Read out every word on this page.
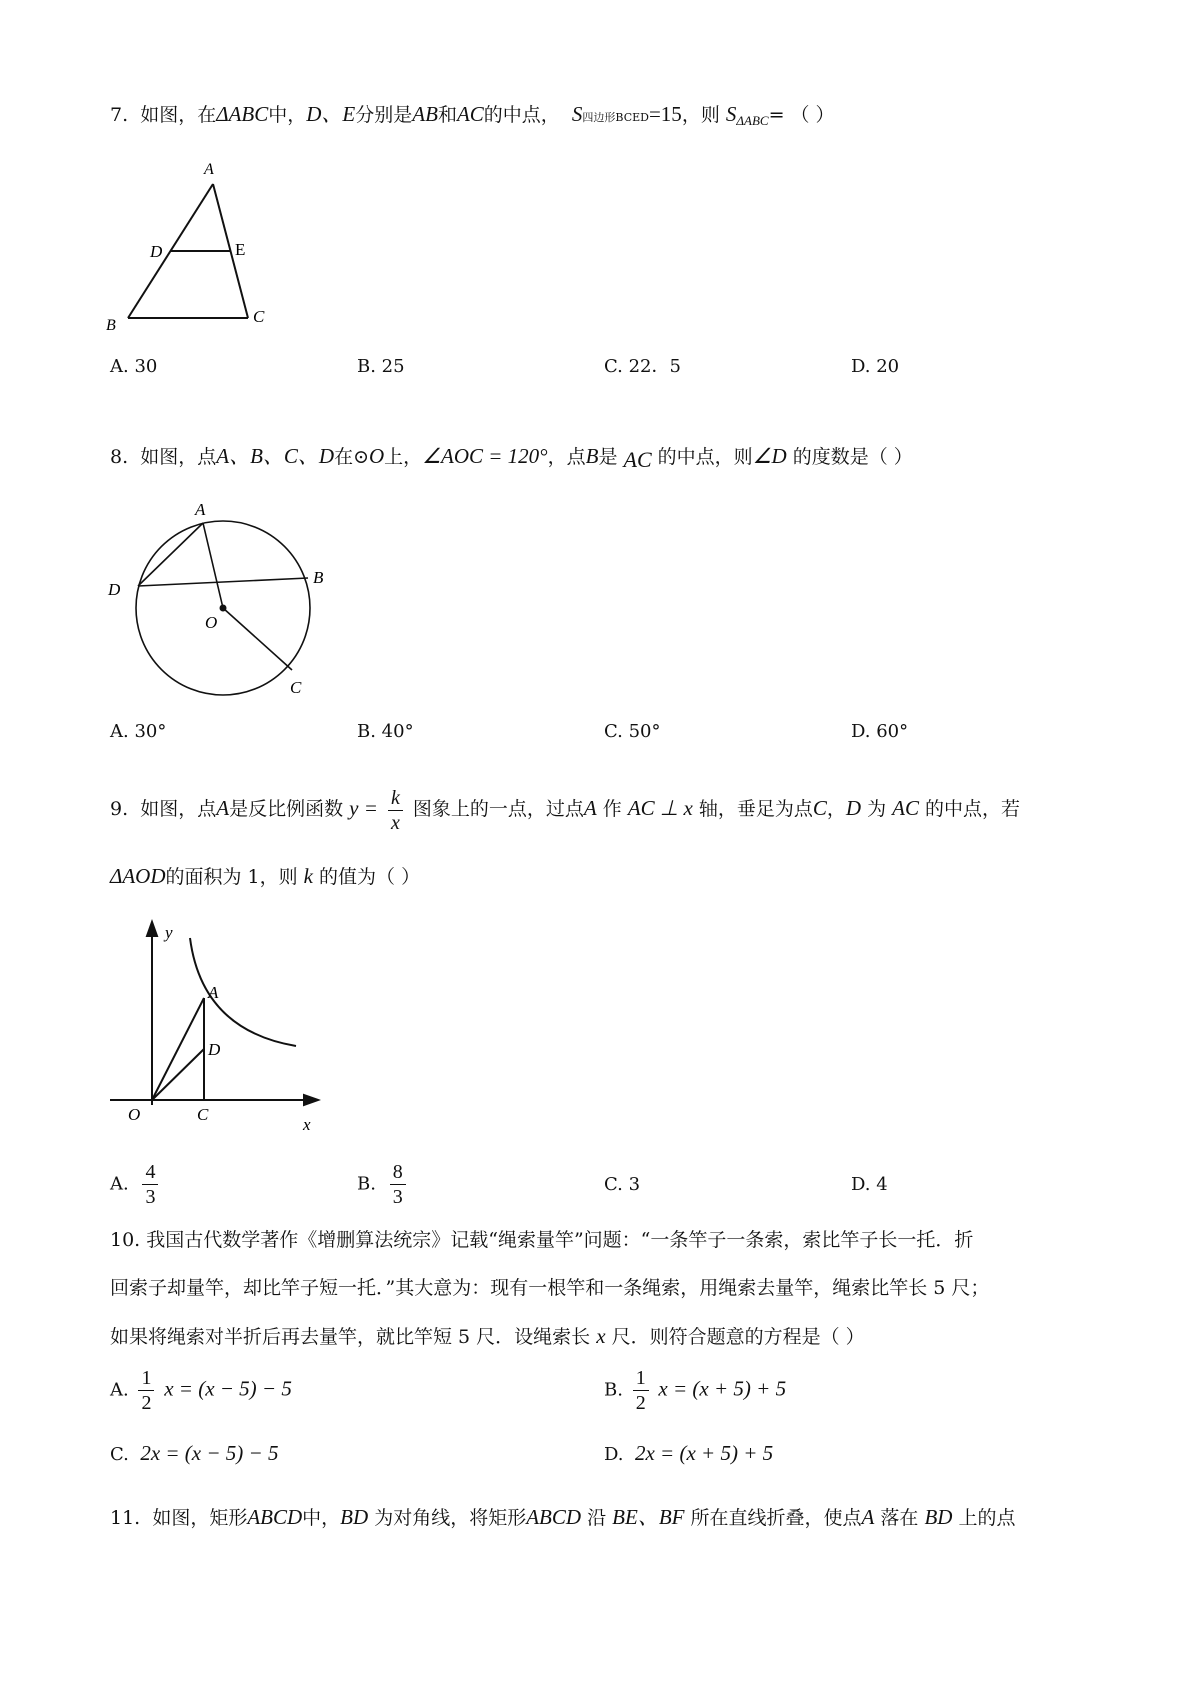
7. 如图，在ΔABC中，D、E分别是AB和AC的中点， S四边形BCED=15，则 $S_{\Delta ABC}=$ （ ）
A
D	E
B	C
A. 30	B. 25	C. 22．5	D. 20
8. 如图，点A、B、C、D在⊙O上，∠AOC = 120°，点B是 AC 的中点，则∠D 的度数是（ ）
A
B
D
O
C
A. 30°	B. 40°	C. 50°	D. 60°
9. 如图，点A是反比例函数 $y = \frac{k}{x}$ 图象上的一点，过点A 作 AC ⊥ x 轴，垂足为点C，D 为 AC 的中点，若
ΔAOD的面积为 1，则 k 的值为（ ）
y
x
O
A
D
C
A. $\frac{4}{3}$	B. $\frac{8}{3}$	C. 3	D. 4
10. 我国古代数学著作《增删算法统宗》记载“绳索量竿”问题：“一条竿子一条索，索比竿子长一托．折
回索子却量竿，却比竿子短一托．”其大意为：现有一根竿和一条绳索，用绳索去量竿，绳索比竿长 5 尺；
如果将绳索对半折后再去量竿，就比竿短 5 尺．设绳索长 x 尺．则符合题意的方程是（ ）
A. $\frac{1}{2}$ x = (x − 5) − 5	B. $\frac{1}{2}$ x = (x + 5) + 5
C. 2x = (x − 5) − 5	D. 2x = (x + 5) + 5
11. 如图，矩形ABCD中，BD 为对角线，将矩形ABCD 沿 BE、BF 所在直线折叠，使点A 落在 BD 上的点
